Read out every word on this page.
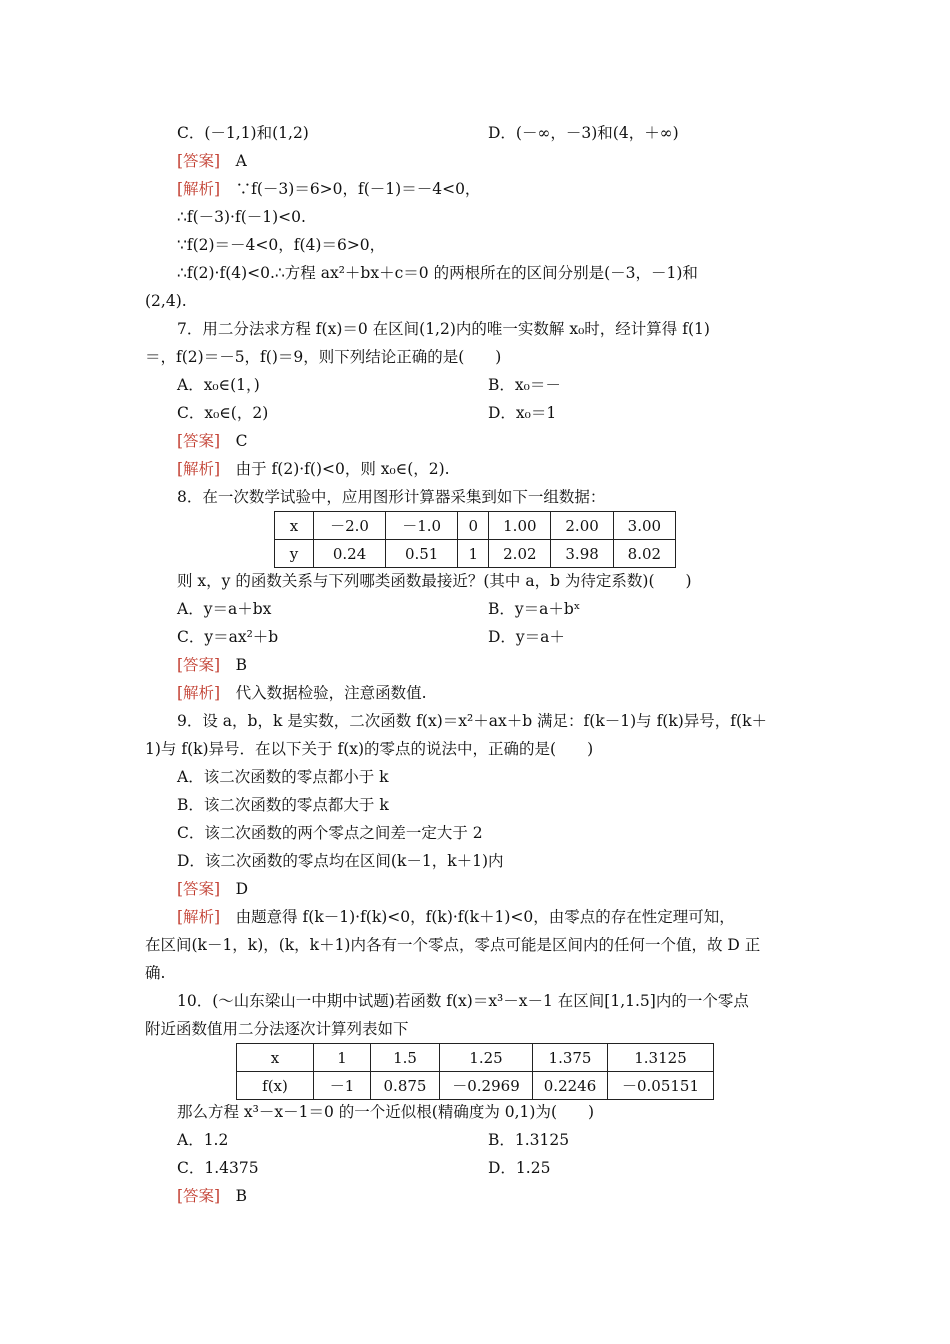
C．(－1,1)和(1,2)	D．(－∞，－3)和(4，＋∞)
[答案]　 A
[解析]　 ∵f(－3)＝6>0，f(－1)＝－4<0，
∴f(－3)·f(－1)<0.
∵f(2)＝－4<0，f(4)＝6>0，
∴f(2)·f(4)<0.∴方程 ax²＋bx＋c＝0 的两根所在的区间分别是(－3，－1)和
(2,4).
7．用二分法求方程 f(x)＝0 在区间(1,2)内的唯一实数解 x₀时，经计算得 f(1)
＝，f(2)＝－5，f()＝9，则下列结论正确的是(　　)
A．x₀∈(1，)	B．x₀＝－
C．x₀∈(，2)	D．x₀＝1
[答案]　 C
[解析]　 由于 f(2)·f()<0，则 x₀∈(，2).
8．在一次数学试验中，应用图形计算器采集到如下一组数据：
x	－2.0	－1.0	0	1.00	2.00	3.00
y	0.24	0.51	1	2.02	3.98	8.02
则 x，y 的函数关系与下列哪类函数最接近？(其中 a，b 为待定系数)(　　)
A．y＝a＋bx	B．y＝a＋bˣ
C．y＝ax²＋b	D．y＝a＋
[答案]　 B
[解析]　 代入数据检验，注意函数值.
9．设 a，b，k 是实数，二次函数 f(x)＝x²＋ax＋b 满足：f(k－1)与 f(k)异号，f(k＋
1)与 f(k)异号．在以下关于 f(x)的零点的说法中，正确的是(　　)
A．该二次函数的零点都小于 k
B．该二次函数的零点都大于 k
C．该二次函数的两个零点之间差一定大于 2
D．该二次函数的零点均在区间(k－1，k＋1)内
[答案]　 D
[解析]　 由题意得 f(k－1)·f(k)<0，f(k)·f(k＋1)<0，由零点的存在性定理可知，
在区间(k－1，k)，(k，k＋1)内各有一个零点，零点可能是区间内的任何一个值，故 D 正
确.
10．(～山东梁山一中期中试题)若函数 f(x)＝x³－x－1 在区间[1,1.5]内的一个零点
附近函数值用二分法逐次计算列表如下
x	1	1.5	1.25	1.375	1.3125
f(x)	－1	0.875	－0.2969	0.2246	－0.05151
那么方程 x³－x－1＝0 的一个近似根(精确度为 0,1)为(　　)
A．1.2	B．1.3125
C．1.4375	D．1.25
[答案]　 B
